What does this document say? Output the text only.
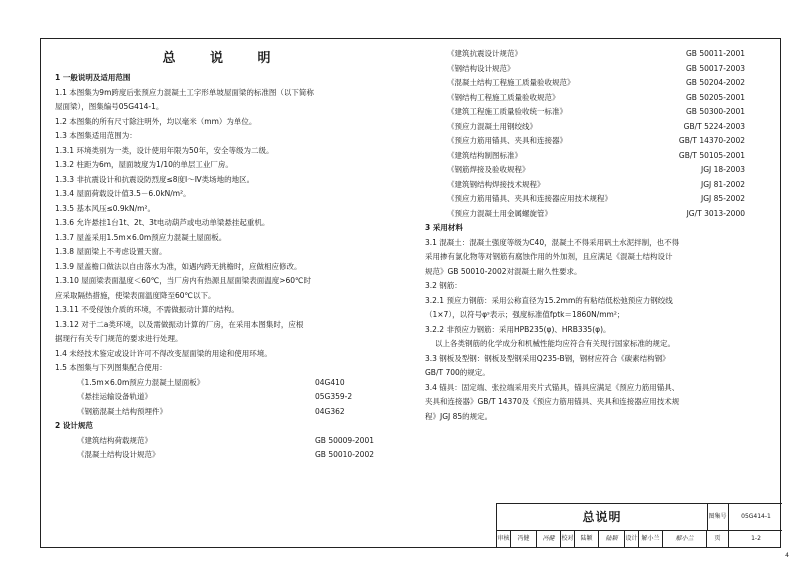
总 说 明
1 一般说明及适用范围
1.1 本图集为9m跨度后张预应力混凝土工字形单坡屋面梁的标准图（以下简称
屋面梁），图集编号05G414-1。
1.2 本图集的所有尺寸除注明外，均以毫米（mm）为单位。
1.3 本图集适用范围为：
1.3.1 环境类别为一类，设计使用年限为50年，安全等级为二级。
1.3.2 柱距为6m，屋面坡度为1/10的单层工业厂房。
1.3.3 非抗震设计和抗震设防烈度≤8度Ⅰ～Ⅳ类场地的地区。
1.3.4 屋面荷载设计值3.5－6.0kN/m²。
1.3.5 基本风压≤0.9kN/m²。
1.3.6 允许悬挂1台1t、2t、3t电动葫芦或电动单梁悬挂起重机。
1.3.7 屋盖采用1.5m×6.0m预应力混凝土屋面板。
1.3.8 屋面梁上不考虑设置天窗。
1.3.9 屋盖檐口做法以自由落水为准，如遇内跨无挑檐时，应做相应修改。
1.3.10 屋面梁表面温度＜60℃，当厂房内有热源且屋面梁表面温度>60℃时
应采取隔热措施，使梁表面温度降至60℃以下。
1.3.11 不受侵蚀介质的环境，不需做振动计算的结构。
1.3.12 对于二a类环境，以及需做振动计算的厂房，在采用本图集时，应根
据现行有关专门规范的要求进行处理。
1.4 未经技术鉴定或设计许可不得改变屋面梁的用途和使用环境。
1.5 本图集与下列图集配合使用：
《1.5m×6.0m预应力混凝土屋面板》	04G410
《悬挂运输设备轨道》	05G359-2
《钢筋混凝土结构预埋件》	04G362
2 设计规范
《建筑结构荷载规范》	GB 50009-2001
《混凝土结构设计规范》	GB 50010-2002
《建筑抗震设计规范》	GB 50011-2001
《钢结构设计规范》	GB 50017-2003
《混凝土结构工程施工质量验收规范》	GB 50204-2002
《钢结构工程施工质量验收规范》	GB 50205-2001
《建筑工程施工质量验收统一标准》	GB 50300-2001
《预应力混凝土用钢绞线》	GB/T 5224-2003
《预应力筋用锚具、夹具和连接器》	GB/T 14370-2002
《建筑结构制图标准》	GB/T 50105-2001
《钢筋焊接及验收规程》	JGJ 18-2003
《建筑钢结构焊接技术规程》	JGJ 81-2002
《预应力筋用锚具、夹具和连接器应用技术规程》	JGJ 85-2002
《预应力混凝土用金属螺旋管》	JG/T 3013-2000
3 采用材料
3.1 混凝土：混凝土强度等级为C40，混凝土不得采用矾土水泥拌制，也不得
采用掺有氯化物等对钢筋有腐蚀作用的外加剂，且应满足《混凝土结构设计
规范》GB 50010-2002对混凝土耐久性要求。
3.2 钢筋：
3.2.1 预应力钢筋：采用公称直径为15.2mm的有粘结低松弛预应力钢绞线
（1×7），以符号φˢ表示；强度标准值fptk＝1860N/mm²；
3.2.2 非预应力钢筋：采用HPB235(φ)、HRB335(φ)。
以上各类钢筋的化学成分和机械性能均应符合有关现行国家标准的规定。
3.3 钢板及型钢：钢板及型钢采用Q235-B钢，钢材应符合《碳素结构钢》
GB/T 700的规定。
3.4 锚具：固定端、张拉端采用夹片式锚具，锚具应满足《预应力筋用锚具、
夹具和连接器》GB/T 14370及《预应力筋用锚具、夹具和连接器应用技术规
程》JGJ 85的规定。
总说明	图集号	05G414-1
审核	冯健	冯健	校对	陆颖	陆颖	设计 解小兰	解小兰	页	1-2
4
